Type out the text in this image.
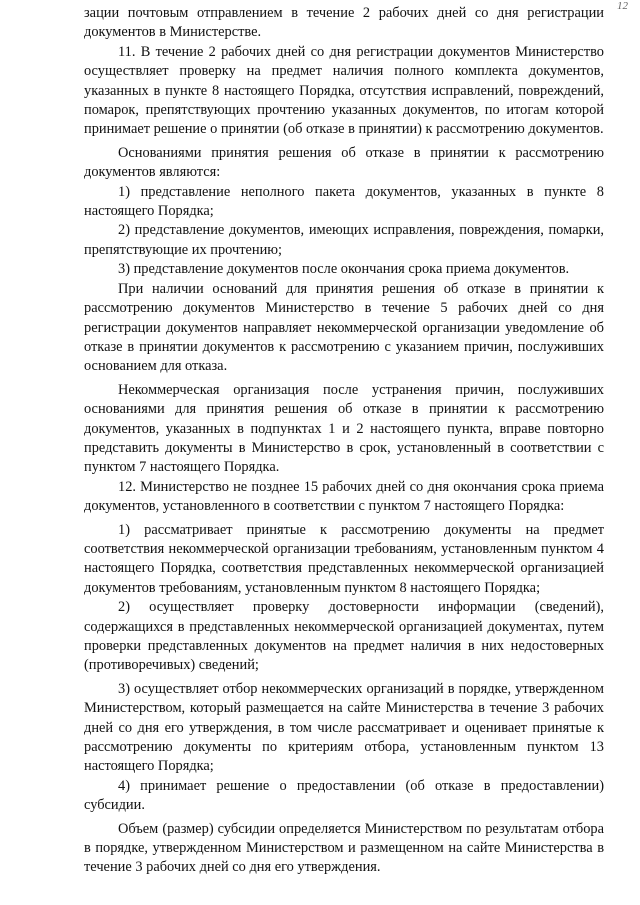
12

зации почтовым отправлением в течение 2 рабочих дней со дня регистрации документов в Министерстве.

11. В течение 2 рабочих дней со дня регистрации документов Министерство осуществляет проверку на предмет наличия полного комплекта документов, указанных в пункте 8 настоящего Порядка, отсутствия исправлений, повреждений, помарок, препятствующих прочтению указанных документов, по итогам которой принимает решение о принятии (об отказе в принятии) к рассмотрению документов.

Основаниями принятия решения об отказе в принятии к рассмотрению документов являются:

1) представление неполного пакета документов, указанных в пункте 8 настоящего Порядка;

2) представление документов, имеющих исправления, повреждения, помарки, препятствующие их прочтению;

3) представление документов после окончания срока приема документов.

При наличии оснований для принятия решения об отказе в принятии к рассмотрению документов Министерство в течение 5 рабочих дней со дня регистрации документов направляет некоммерческой организации уведомление об отказе в принятии документов к рассмотрению с указанием причин, послуживших основанием для отказа.

Некоммерческая организация после устранения причин, послуживших основаниями для принятия решения об отказе в принятии к рассмотрению документов, указанных в подпунктах 1 и 2 настоящего пункта, вправе повторно представить документы в Министерство в срок, установленный в соответствии с пунктом 7 настоящего Порядка.

12. Министерство не позднее 15 рабочих дней со дня окончания срока приема документов, установленного в соответствии с пунктом 7 настоящего Порядка:

1) рассматривает принятые к рассмотрению документы на предмет соответствия некоммерческой организации требованиям, установленным пунктом 4 настоящего Порядка, соответствия представленных некоммерческой организацией документов требованиям, установленным пунктом 8 настоящего Порядка;

2) осуществляет проверку достоверности информации (сведений), содержащихся в представленных некоммерческой организацией документах, путем проверки представленных документов на предмет наличия в них недостоверных (противоречивых) сведений;

3) осуществляет отбор некоммерческих организаций в порядке, утвержденном Министерством, который размещается на сайте Министерства в течение 3 рабочих дней со дня его утверждения, в том числе рассматривает и оценивает принятые к рассмотрению документы по критериям отбора, установленным пунктом 13 настоящего Порядка;

4) принимает решение о предоставлении (об отказе в предоставлении) субсидии.

Объем (размер) субсидии определяется Министерством по результатам отбора в порядке, утвержденном Министерством и размещенном на сайте Министерства в течение 3 рабочих дней со дня его утверждения.
